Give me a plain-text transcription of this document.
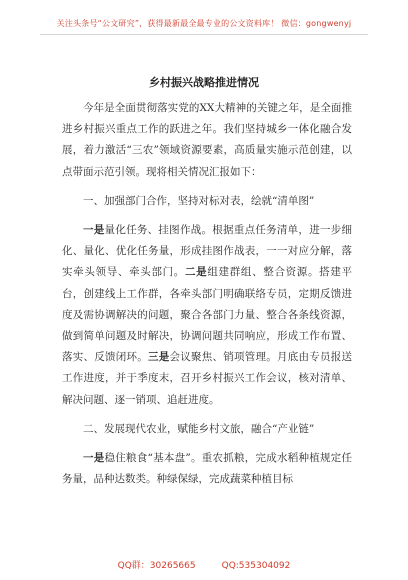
关注头条号“公文研究”，获得最新最全最专业的公文资料库！ 微信：gongwenyj
乡村振兴战略推进情况

今年是全面贯彻落实党的XX大精神的关键之年，是全面推进乡村振兴重点工作的跃进之年。我们坚持城乡一体化融合发展，着力激活“三农”领域资源要素，高质量实施示范创建，以点带面示范引领。现将相关情况汇报如下：

一、加强部门合作，坚持对标对表，绘就“清单图”

一是量化任务、挂图作战。根据重点任务清单，进一步细化、量化、优化任务量，形成挂图作战表，一一对应分解，落实牵头领导、牵头部门。二是组建群组、整合资源。搭建平台，创建线上工作群，各牵头部门明确联络专员，定期反馈进度及需协调解决的问题，聚合各部门力量、整合各条线资源，做到简单问题及时解决，协调问题共同响应，形成工作布置、落实、反馈闭环。三是会议聚焦、销项管理。月底由专员报送工作进度，并于季度末，召开乡村振兴工作会议，核对清单、解决问题、逐一销项、追赶进度。

二、发展现代农业，赋能乡村文旅，融合“产业链”

一是稳住粮食“基本盘”。重农抓粮，完成水稻种植规定任务量，品种达数类。种绿保绿，完成蔬菜种植目标

QQ群：30265665	QQ:535304092
